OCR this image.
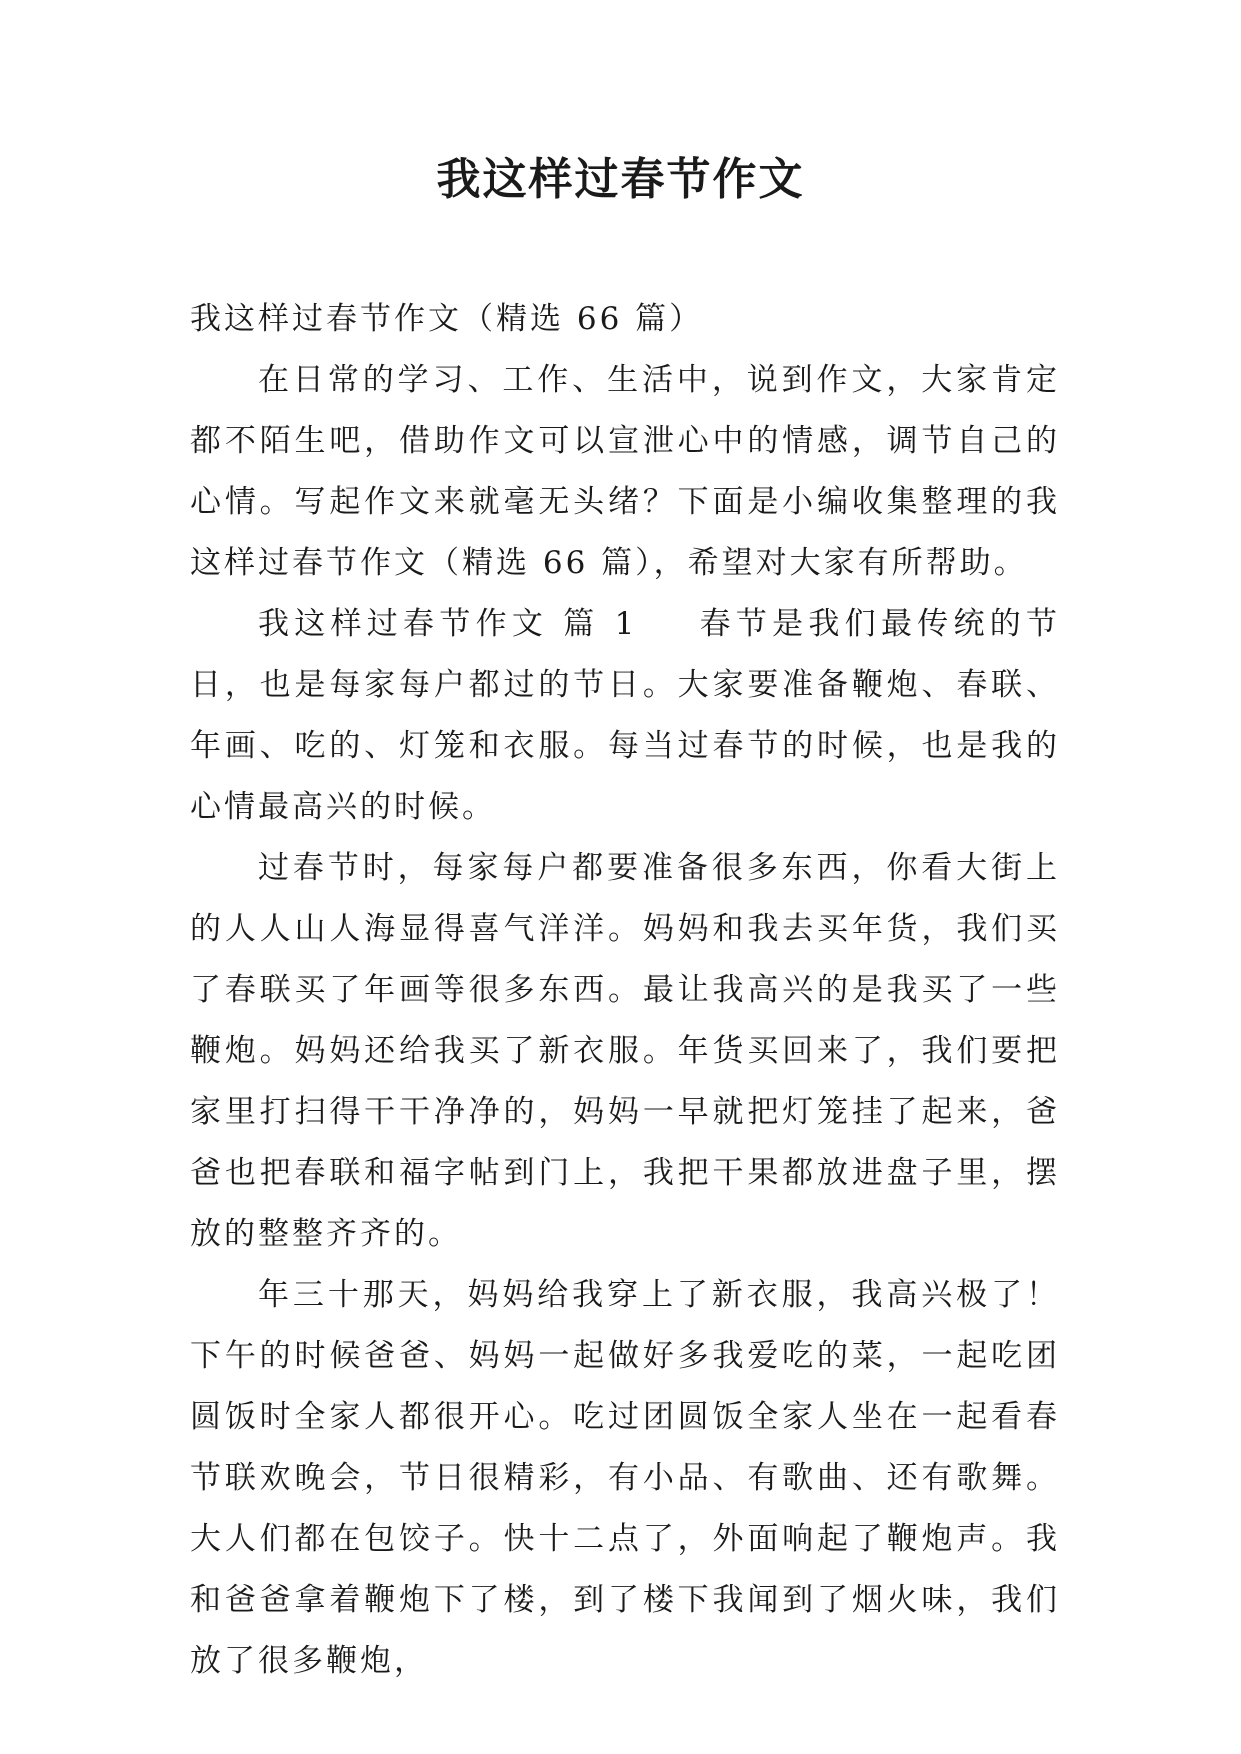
我这样过春节作文

我这样过春节作文（精选 66 篇）

在日常的学习、工作、生活中，说到作文，大家肯定都不陌生吧，借助作文可以宣泄心中的情感，调节自己的心情。写起作文来就毫无头绪？下面是小编收集整理的我这样过春节作文（精选 66 篇），希望对大家有所帮助。

我这样过春节作文 篇 1 春节是我们最传统的节日，也是每家每户都过的节日。大家要准备鞭炮、春联、年画、吃的、灯笼和衣服。每当过春节的时候，也是我的心情最高兴的时候。

过春节时，每家每户都要准备很多东西，你看大街上的人人山人海显得喜气洋洋。妈妈和我去买年货，我们买了春联买了年画等很多东西。最让我高兴的是我买了一些鞭炮。妈妈还给我买了新衣服。年货买回来了，我们要把家里打扫得干干净净的，妈妈一早就把灯笼挂了起来，爸爸也把春联和福字帖到门上，我把干果都放进盘子里，摆放的整整齐齐的。

年三十那天，妈妈给我穿上了新衣服，我高兴极了！下午的时候爸爸、妈妈一起做好多我爱吃的菜，一起吃团圆饭时全家人都很开心。吃过团圆饭全家人坐在一起看春节联欢晚会，节日很精彩，有小品、有歌曲、还有歌舞。大人们都在包饺子。快十二点了，外面响起了鞭炮声。我和爸爸拿着鞭炮下了楼，到了楼下我闻到了烟火味，我们放了很多鞭炮，
